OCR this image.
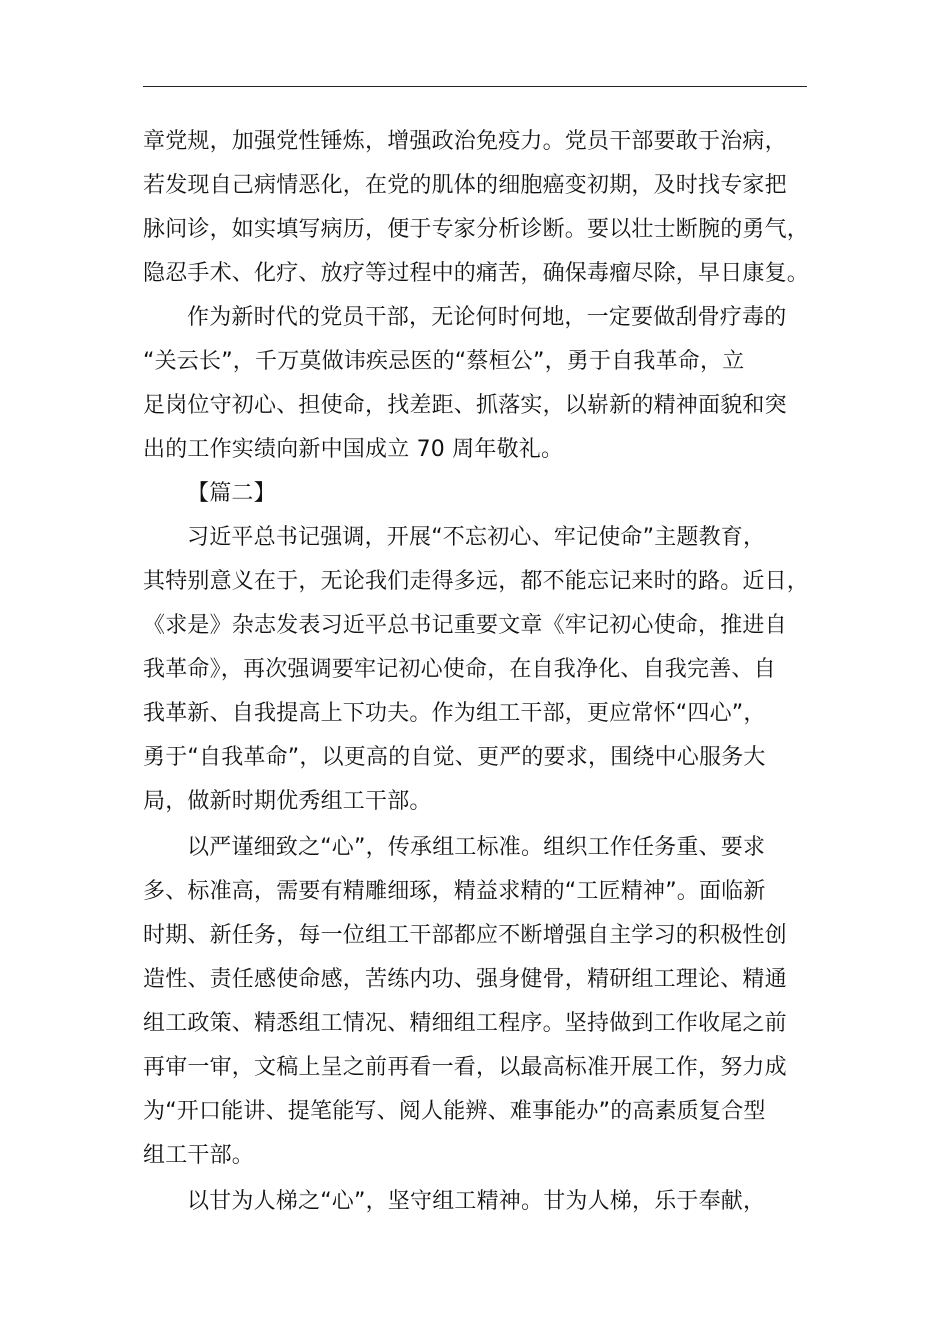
章党规，加强党性锤炼，增强政治免疫力。党员干部要敢于治病，
若发现自己病情恶化，在党的肌体的细胞癌变初期，及时找专家把
脉问诊，如实填写病历，便于专家分析诊断。要以壮士断腕的勇气，
隐忍手术、化疗、放疗等过程中的痛苦，确保毒瘤尽除，早日康复。
作为新时代的党员干部，无论何时何地，一定要做刮骨疗毒的
“关云长”，千万莫做讳疾忌医的“蔡桓公”，勇于自我革命，立
足岗位守初心、担使命，找差距、抓落实，以崭新的精神面貌和突
出的工作实绩向新中国成立 70 周年敬礼。
【篇二】
习近平总书记强调，开展“不忘初心、牢记使命”主题教育，
其特别意义在于，无论我们走得多远，都不能忘记来时的路。近日，
《求是》杂志发表习近平总书记重要文章《牢记初心使命，推进自
我革命》，再次强调要牢记初心使命，在自我净化、自我完善、自
我革新、自我提高上下功夫。作为组工干部，更应常怀“四心”，
勇于“自我革命”，以更高的自觉、更严的要求，围绕中心服务大
局，做新时期优秀组工干部。
以严谨细致之“心”，传承组工标准。组织工作任务重、要求
多、标准高，需要有精雕细琢，精益求精的“工匠精神”。面临新
时期、新任务，每一位组工干部都应不断增强自主学习的积极性创
造性、责任感使命感，苦练内功、强身健骨，精研组工理论、精通
组工政策、精悉组工情况、精细组工程序。坚持做到工作收尾之前
再审一审，文稿上呈之前再看一看，以最高标准开展工作，努力成
为“开口能讲、提笔能写、阅人能辨、难事能办”的高素质复合型
组工干部。
以甘为人梯之“心”，坚守组工精神。甘为人梯，乐于奉献，
